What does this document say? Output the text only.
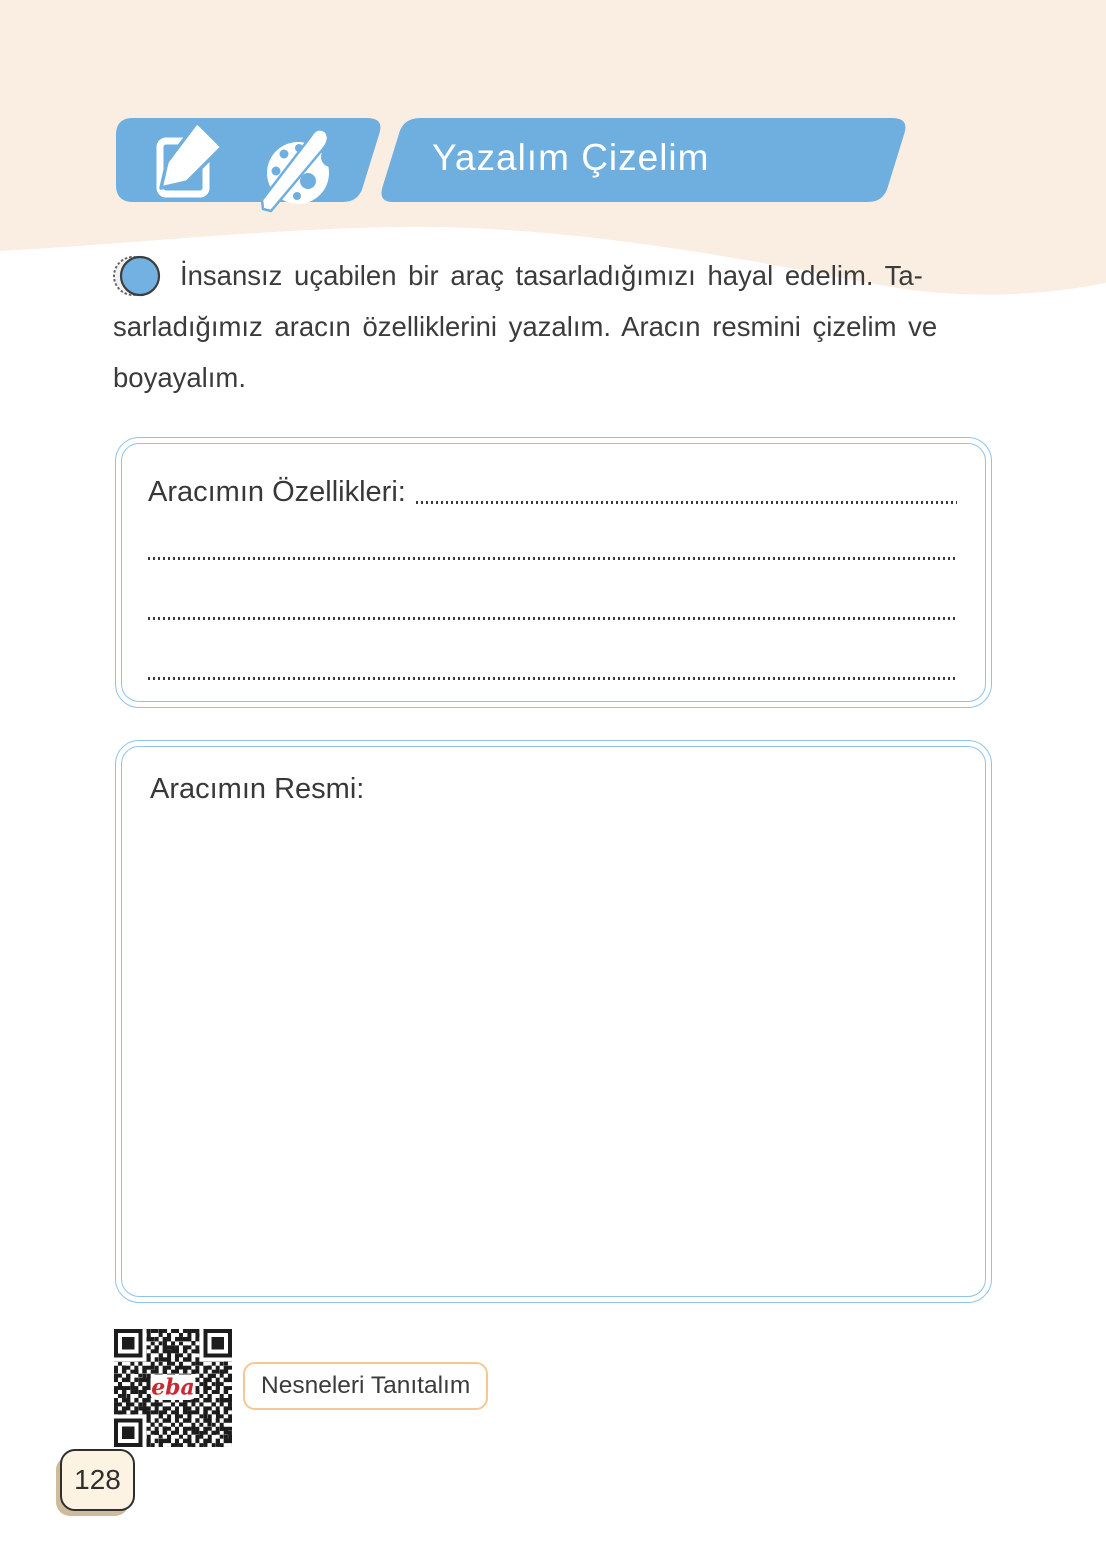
Yazalım Çizelim
İnsansız uçabilen bir araç tasarladığımızı hayal edelim. Ta-
sarladığımız aracın özelliklerini yazalım. Aracın resmini çizelim ve
boyayalım.
Aracımın Özellikleri:
Aracımın Resmi:
eba	Nesneleri Tanıtalım
128
